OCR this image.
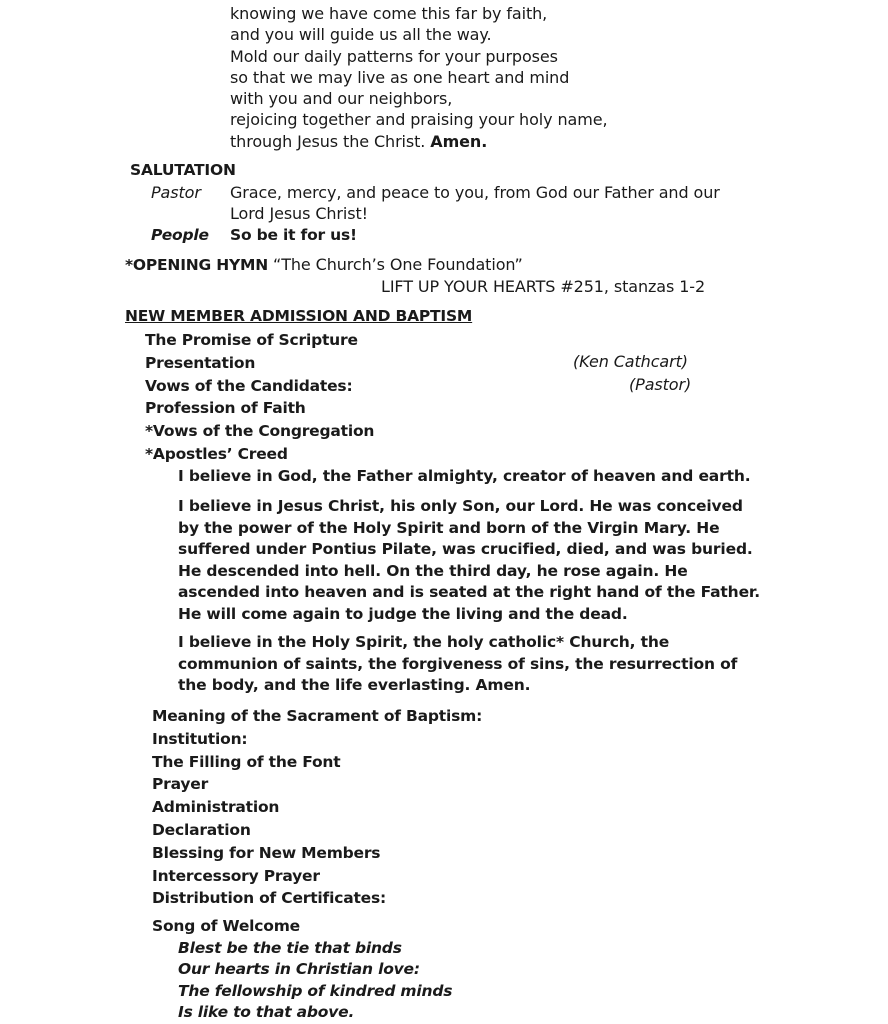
knowing we have come this far by faith,
and you will guide us all the way.
Mold our daily patterns for your purposes
so that we may live as one heart and mind
with you and our neighbors,
rejoicing together and praising your holy name,
through Jesus the Christ. Amen.
SALUTATION
Pastor Grace, mercy, and peace to you, from God our Father and our
Lord Jesus Christ!
People So be it for us!
*OPENING HYMN “The Church’s One Foundation”
LIFT UP YOUR HEARTS #251, stanzas 1-2
NEW MEMBER ADMISSION AND BAPTISM
The Promise of Scripture
Presentation
Vows of the Candidates:
Profession of Faith
*Vows of the Congregation
*Apostles’ Creed
(Ken Cathcart)
(Pastor)

I believe in God, the Father almighty, creator of heaven and earth.

I believe in Jesus Christ, his only Son, our Lord. He was conceived by the power of the Holy Spirit and born of the Virgin Mary. He suffered under Pontius Pilate, was crucified, died, and was buried. He descended into hell. On the third day, he rose again. He ascended into heaven and is seated at the right hand of the Father. He will come again to judge the living and the dead.

I believe in the Holy Spirit, the holy catholic* Church, the communion of saints, the forgiveness of sins, the resurrection of the body, and the life everlasting. Amen.

Meaning of the Sacrament of Baptism:
Institution:
The Filling of the Font
Prayer
Administration
Declaration
Blessing for New Members
Intercessory Prayer
Distribution of Certificates:
Song of Welcome
Blest be the tie that binds
Our hearts in Christian love:
The fellowship of kindred minds
Is like to that above.
